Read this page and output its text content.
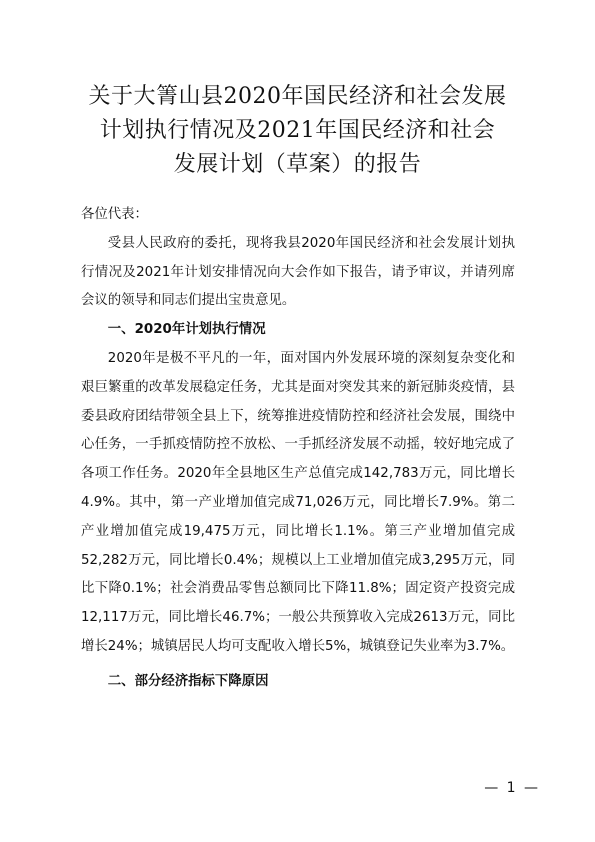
关于大箐山县2020年国民经济和社会发展
计划执行情况及2021年国民经济和社会
发展计划（草案）的报告

各位代表：

受县人民政府的委托，现将我县2020年国民经济和社会发展计划执行情况及2021年计划安排情况向大会作如下报告，请予审议，并请列席会议的领导和同志们提出宝贵意见。

一、2020年计划执行情况

2020年是极不平凡的一年，面对国内外发展环境的深刻复杂变化和艰巨繁重的改革发展稳定任务，尤其是面对突发其来的新冠肺炎疫情，县委县政府团结带领全县上下，统筹推进疫情防控和经济社会发展，围绕中心任务，一手抓疫情防控不放松、一手抓经济发展不动摇，较好地完成了各项工作任务。2020年全县地区生产总值完成142,783万元，同比增长4.9%。其中，第一产业增加值完成71,026万元，同比增长7.9%。第二产业增加值完成19,475万元，同比增长1.1%。第三产业增加值完成52,282万元，同比增长0.4%；规模以上工业增加值完成3,295万元，同比下降0.1%；社会消费品零售总额同比下降11.8%；固定资产投资完成12,117万元，同比增长46.7%；一般公共预算收入完成2613万元，同比增长24%；城镇居民人均可支配收入增长5%，城镇登记失业率为3.7%。

二、部分经济指标下降原因

— 1 —
